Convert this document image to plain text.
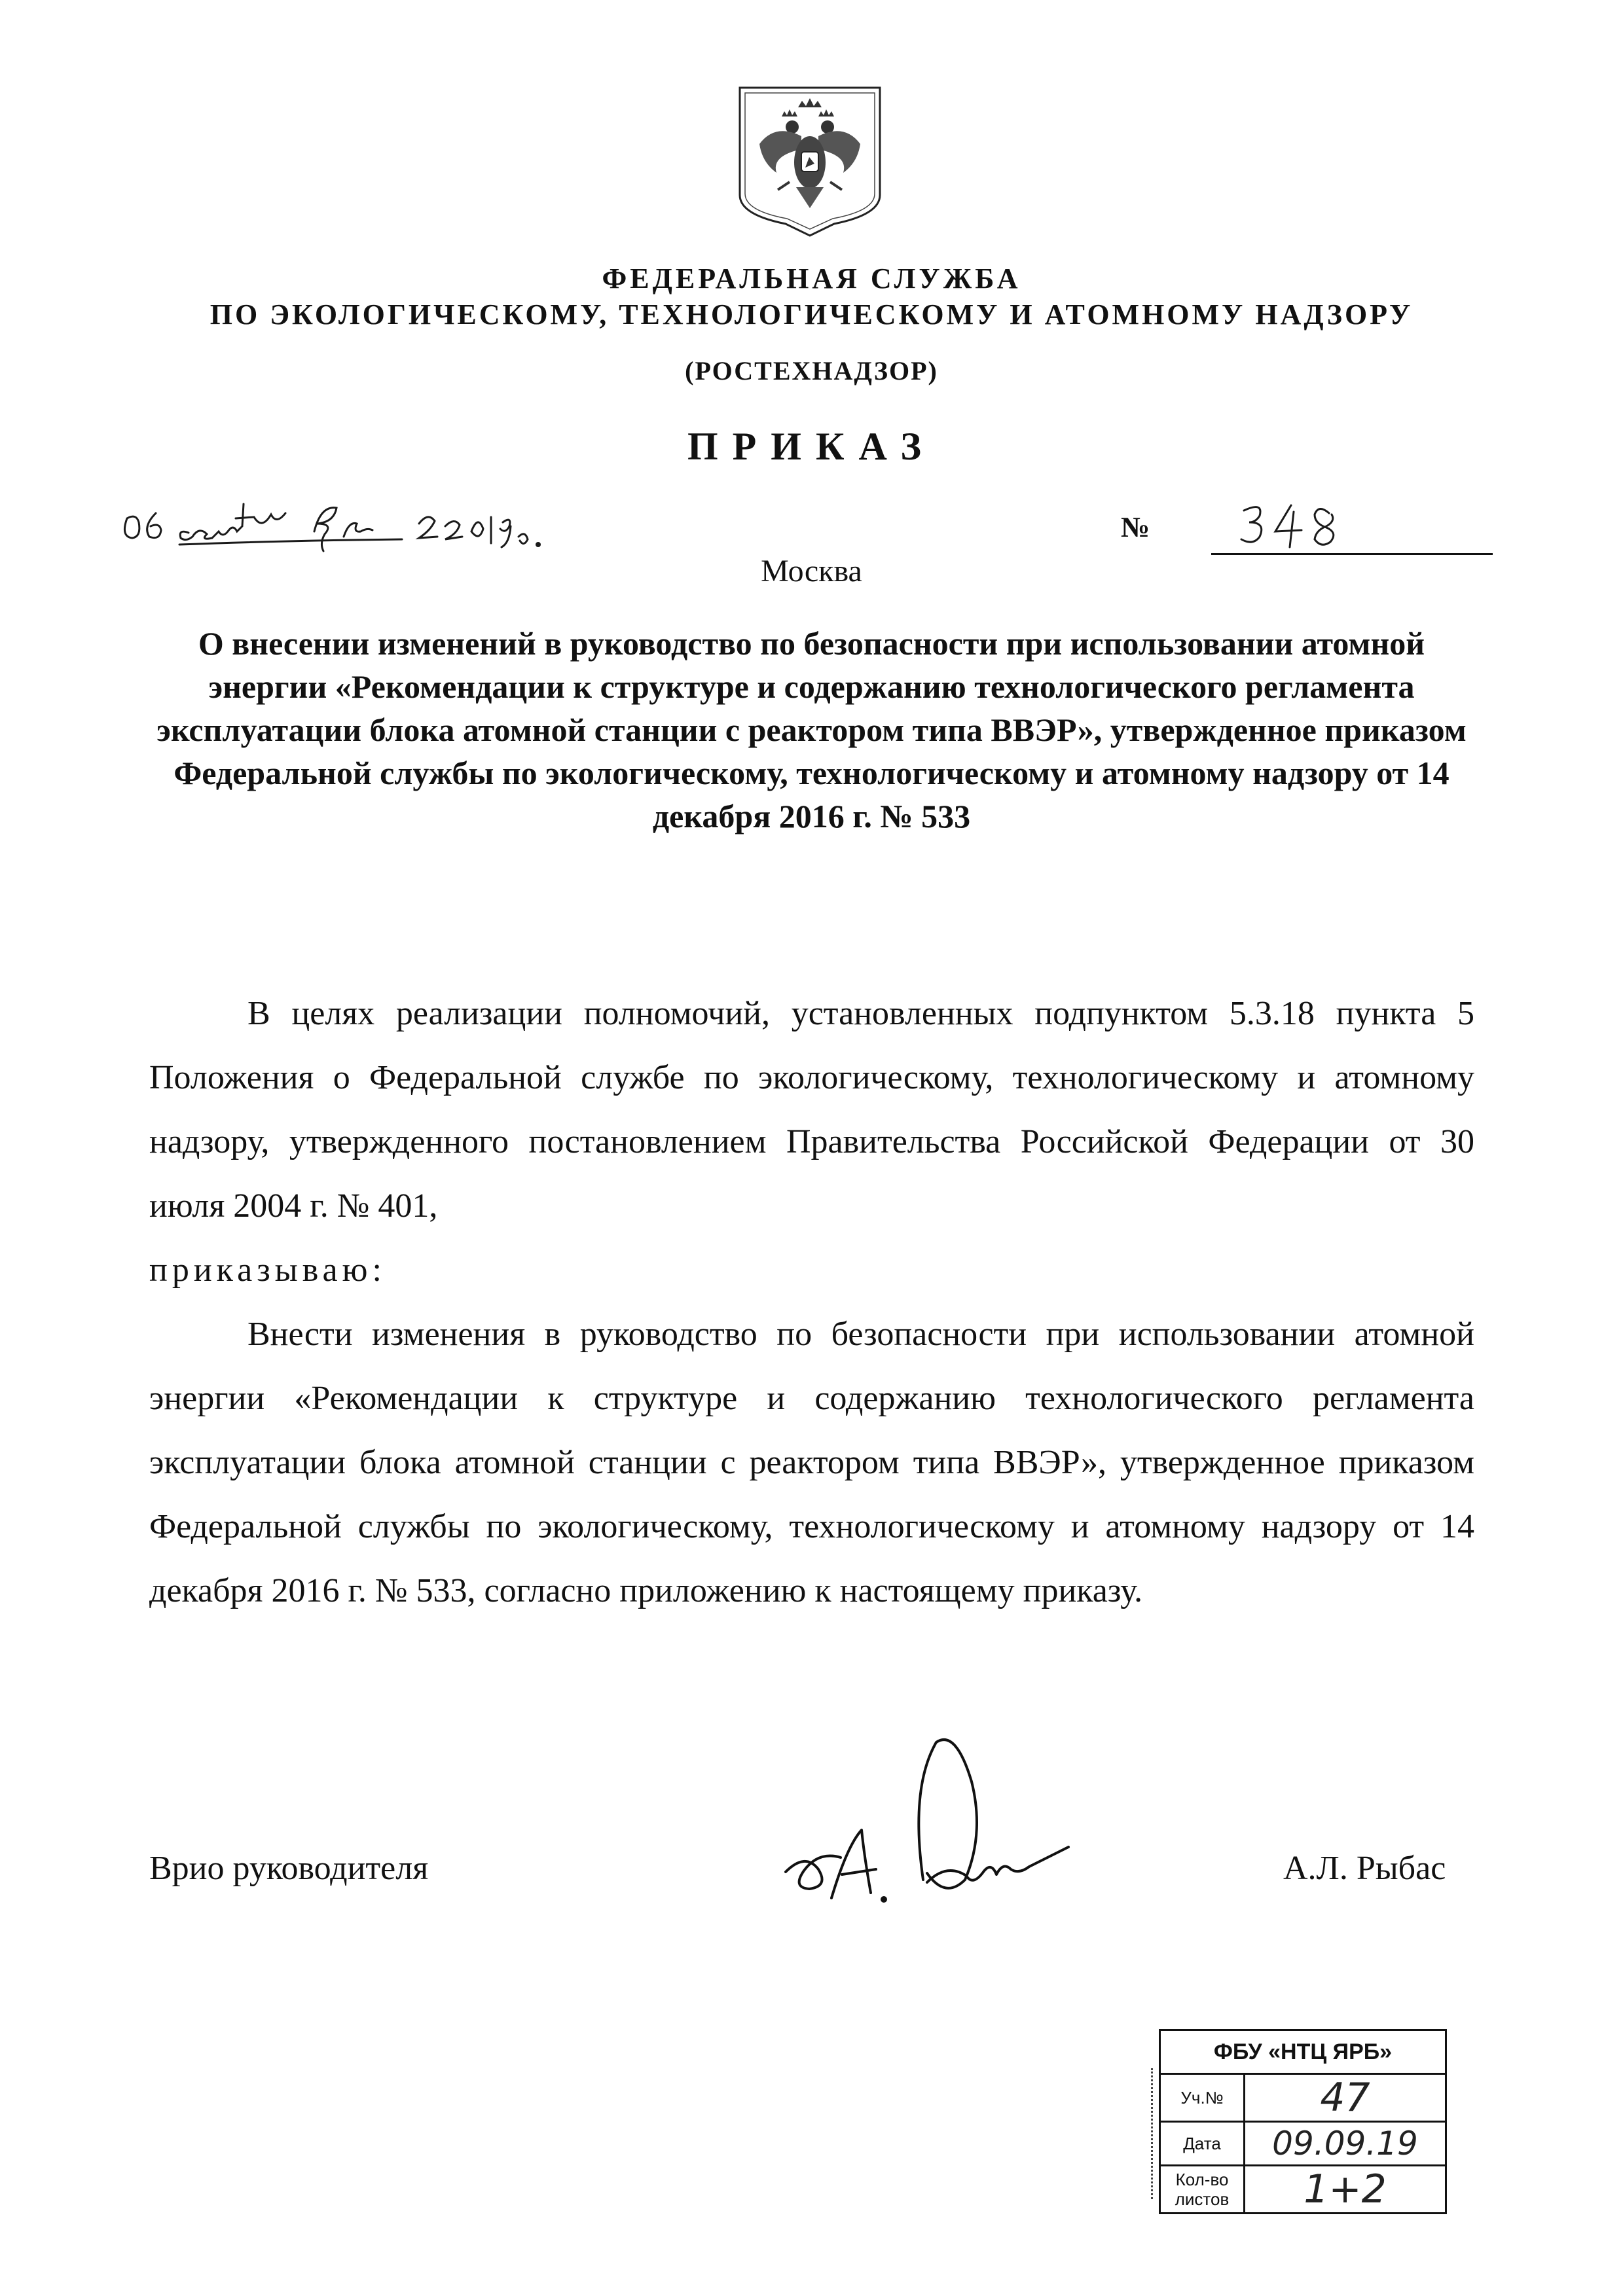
ФЕДЕРАЛЬНАЯ СЛУЖБА
ПО ЭКОЛОГИЧЕСКОМУ, ТЕХНОЛОГИЧЕСКОМУ И АТОМНОМУ НАДЗОРУ
(РОСТЕХНАДЗОР)
ПРИКАЗ
№
Москва
О внесении изменений в руководство по безопасности при использовании атомной энергии «Рекомендации к структуре и содержанию технологического регламента эксплуатации блока атомной станции с реактором типа ВВЭР», утвержденное приказом Федеральной службы по экологическому, технологическому и атомному надзору от 14 декабря 2016 г. № 533
В целях реализации полномочий, установленных подпунктом 5.3.18 пункта 5 Положения о Федеральной службе по экологическому, технологическому и атомному надзору, утвержденного постановлением Правительства Российской Федерации от 30 июля 2004 г. № 401,
приказываю:
Внести изменения в руководство по безопасности при использовании атомной энергии «Рекомендации к структуре и содержанию технологического регламента эксплуатации блока атомной станции с реактором типа ВВЭР», утвержденное приказом Федеральной службы по экологическому, технологическому и атомному надзору от 14 декабря 2016 г. № 533, согласно приложению к настоящему приказу.
Врио руководителя	А.Л. Рыбас
ФБУ «НТЦ ЯРБ»	
Уч.№	47
Дата	09.09.19
Кол-во листов	1+2
